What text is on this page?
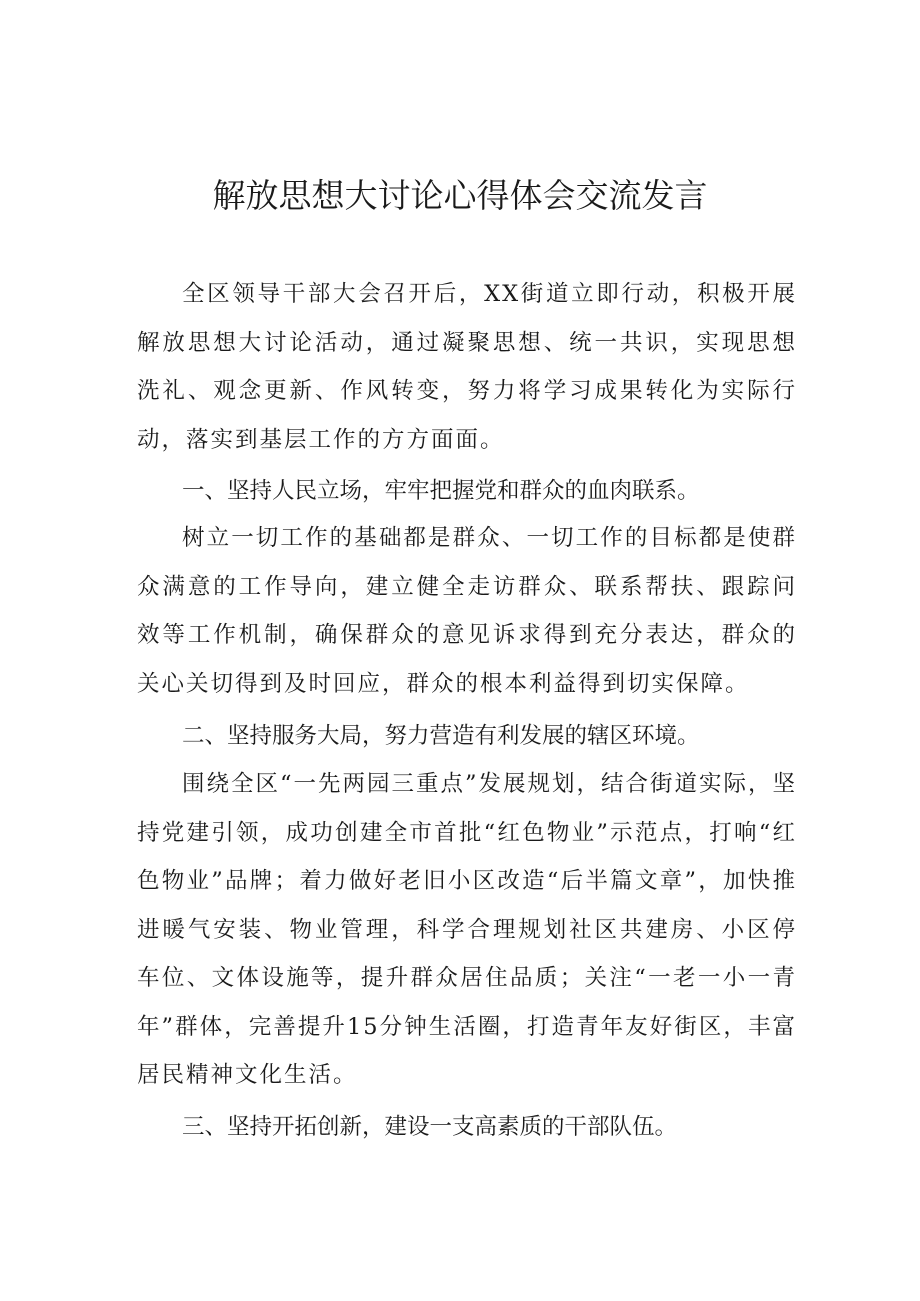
解放思想大讨论心得体会交流发言

全区领导干部大会召开后，XX街道立即行动，积极开展解放思想大讨论活动，通过凝聚思想、统一共识，实现思想洗礼、观念更新、作风转变，努力将学习成果转化为实际行动，落实到基层工作的方方面面。

一、坚持人民立场，牢牢把握党和群众的血肉联系。

树立一切工作的基础都是群众、一切工作的目标都是使群众满意的工作导向，建立健全走访群众、联系帮扶、跟踪问效等工作机制，确保群众的意见诉求得到充分表达，群众的关心关切得到及时回应，群众的根本利益得到切实保障。

二、坚持服务大局，努力营造有利发展的辖区环境。

围绕全区“一先两园三重点”发展规划，结合街道实际，坚持党建引领，成功创建全市首批“红色物业”示范点，打响“红色物业”品牌；着力做好老旧小区改造“后半篇文章”，加快推进暖气安装、物业管理，科学合理规划社区共建房、小区停车位、文体设施等，提升群众居住品质；关注“一老一小一青年”群体，完善提升15分钟生活圈，打造青年友好街区，丰富居民精神文化生活。

三、坚持开拓创新，建设一支高素质的干部队伍。
